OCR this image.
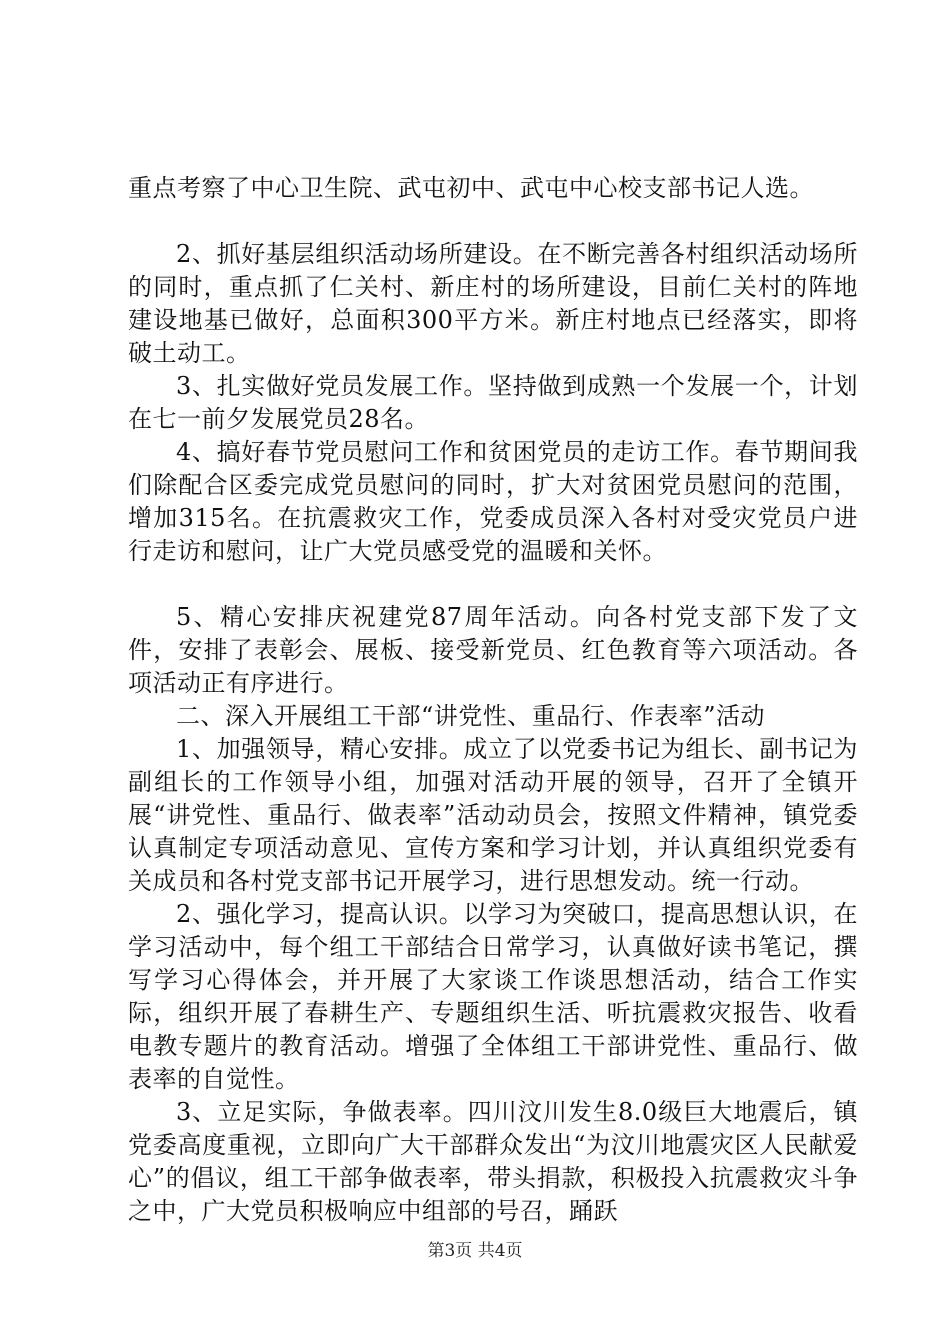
重点考察了中心卫生院、武屯初中、武屯中心校支部书记人选。

2、抓好基层组织活动场所建设。在不断完善各村组织活动场所的同时，重点抓了仁关村、新庄村的场所建设，目前仁关村的阵地建设地基已做好，总面积300平方米。新庄村地点已经落实，即将破土动工。

3、扎实做好党员发展工作。坚持做到成熟一个发展一个，计划在七一前夕发展党员28名。

4、搞好春节党员慰问工作和贫困党员的走访工作。春节期间我们除配合区委完成党员慰问的同时，扩大对贫困党员慰问的范围，增加315名。在抗震救灾工作，党委成员深入各村对受灾党员户进行走访和慰问，让广大党员感受党的温暖和关怀。

5、精心安排庆祝建党87周年活动。向各村党支部下发了文件，安排了表彰会、展板、接受新党员、红色教育等六项活动。各项活动正有序进行。

二、深入开展组工干部“讲党性、重品行、作表率”活动

1、加强领导，精心安排。成立了以党委书记为组长、副书记为副组长的工作领导小组，加强对活动开展的领导，召开了全镇开展“讲党性、重品行、做表率”活动动员会，按照文件精神，镇党委认真制定专项活动意见、宣传方案和学习计划，并认真组织党委有关成员和各村党支部书记开展学习，进行思想发动。统一行动。

2、强化学习，提高认识。以学习为突破口，提高思想认识，在学习活动中，每个组工干部结合日常学习，认真做好读书笔记，撰写学习心得体会，并开展了大家谈工作谈思想活动，结合工作实际，组织开展了春耕生产、专题组织生活、听抗震救灾报告、收看电教专题片的教育活动。增强了全体组工干部讲党性、重品行、做表率的自觉性。

3、立足实际，争做表率。四川汶川发生8.0级巨大地震后，镇党委高度重视，立即向广大干部群众发出“为汶川地震灾区人民献爱心”的倡议，组工干部争做表率，带头捐款，积极投入抗震救灾斗争之中，广大党员积极响应中组部的号召，踊跃

第3页 共4页
